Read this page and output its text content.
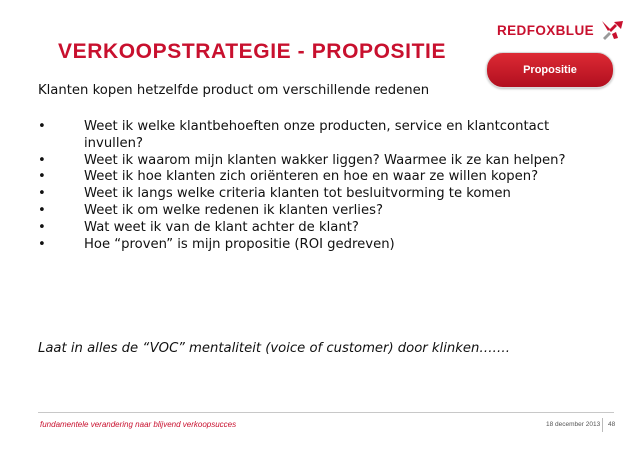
REDFOXBLUE
VERKOOPSTRATEGIE - PROPOSITIE
Propositie
Klanten kopen hetzelfde product om verschillende redenen
• Weet ik welke klantbehoeften onze producten, service en klantcontact invullen?
• Weet ik waarom mijn klanten wakker liggen? Waarmee ik ze kan helpen?
• Weet ik hoe klanten zich oriënteren en hoe en waar ze willen kopen?
• Weet ik langs welke criteria klanten tot besluitvorming te komen
• Weet ik om welke redenen ik klanten verlies?
• Wat weet ik van de klant achter de klant?
• Hoe “proven” is mijn propositie (ROI gedreven)
Laat in alles de “VOC” mentaliteit (voice of customer) door klinken…….
fundamentele verandering naar blijvend verkoopsucces	18 december 2013 48
